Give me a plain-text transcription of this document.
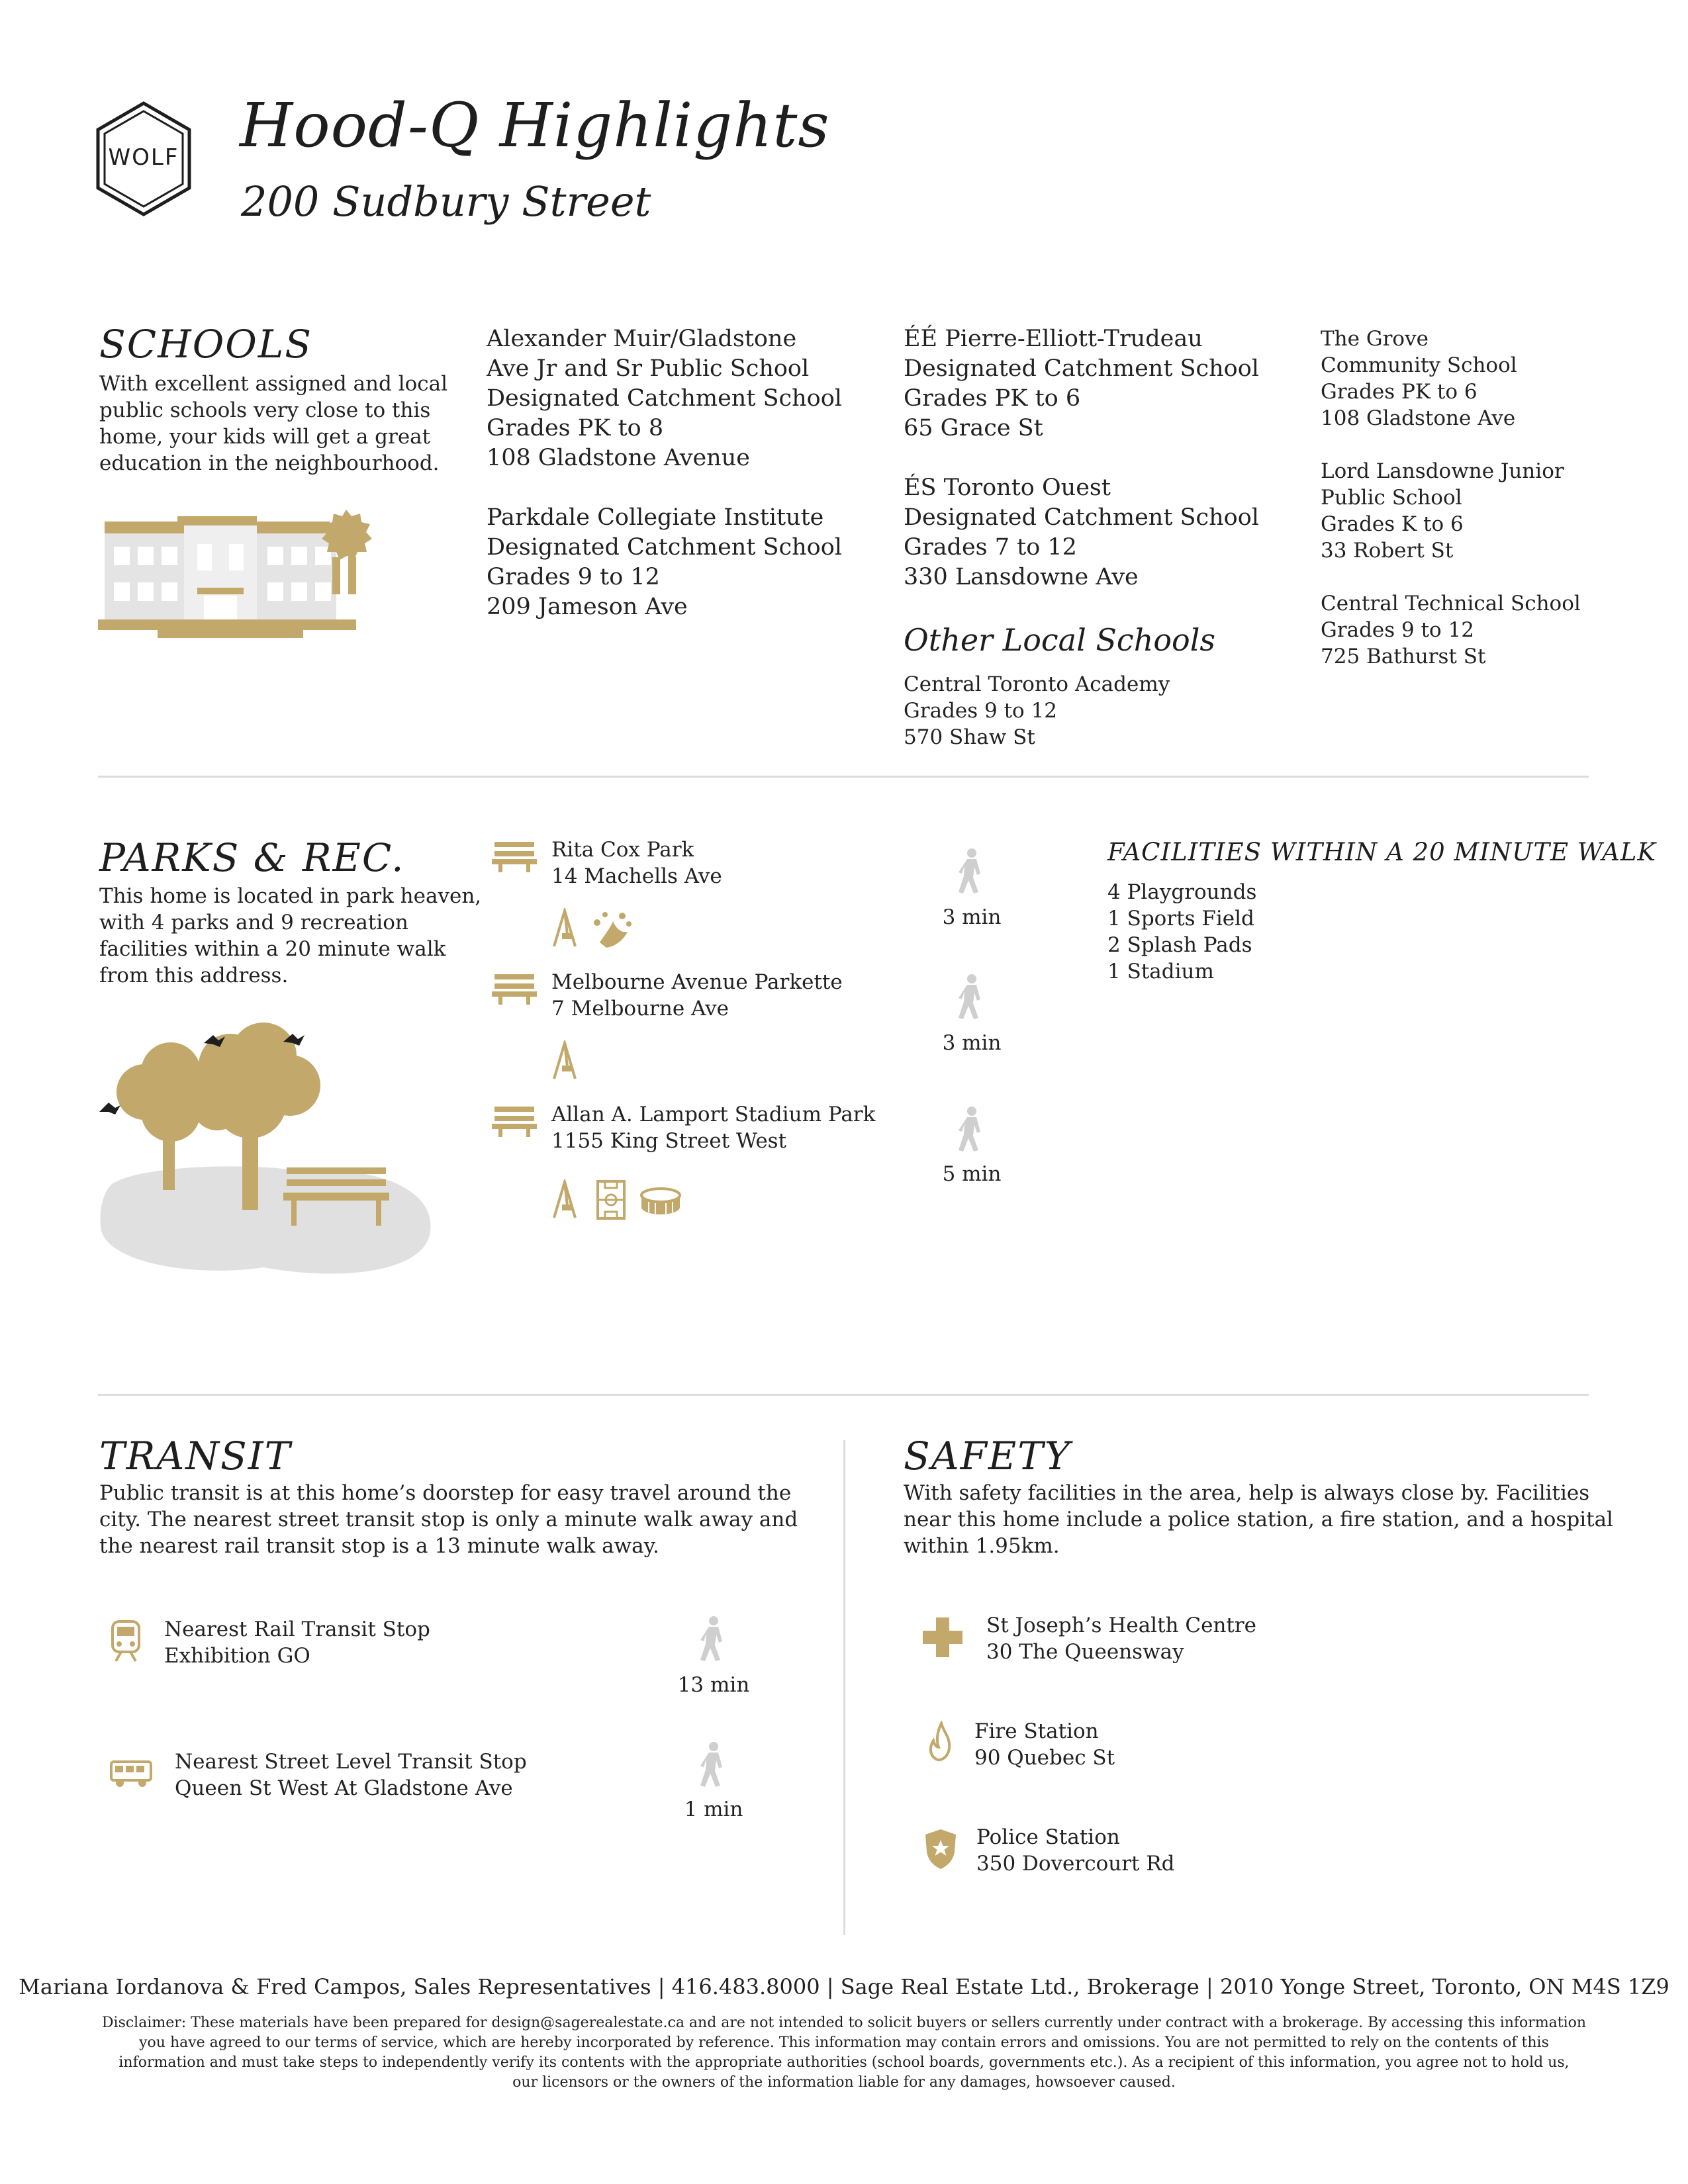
WOLF Hood-Q Highlights
200 Sudbury Street
SCHOOLS
With excellent assigned and local
public schools very close to this
home, your kids will get a great
education in the neighbourhood.
Alexander Muir/Gladstone
Ave Jr and Sr Public School
Designated Catchment School
Grades PK to 8
108 Gladstone Avenue
Parkdale Collegiate Institute
Designated Catchment School
Grades 9 to 12
209 Jameson Ave
ÉÉ Pierre-Elliott-Trudeau
Designated Catchment School
Grades PK to 6
65 Grace St
ÉS Toronto Ouest
Designated Catchment School
Grades 7 to 12
330 Lansdowne Ave
Other Local Schools
Central Toronto Academy
Grades 9 to 12
570 Shaw St
The Grove
Community School
Grades PK to 6
108 Gladstone Ave
Lord Lansdowne Junior
Public School
Grades K to 6
33 Robert St
Central Technical School
Grades 9 to 12
725 Bathurst St
PARKS & REC.
This home is located in park heaven,
with 4 parks and 9 recreation
facilities within a 20 minute walk
from this address.
Rita Cox Park
14 Machells Ave
3 min
Melbourne Avenue Parkette
7 Melbourne Ave
3 min
Allan A. Lamport Stadium Park
1155 King Street West
5 min
FACILITIES WITHIN A 20 MINUTE WALK
4 Playgrounds
1 Sports Field
2 Splash Pads
1 Stadium
TRANSIT
Public transit is at this home’s doorstep for easy travel around the
city. The nearest street transit stop is only a minute walk away and
the nearest rail transit stop is a 13 minute walk away.
Nearest Rail Transit Stop
Exhibition GO
13 min
Nearest Street Level Transit Stop
Queen St West At Gladstone Ave
1 min
SAFETY
With safety facilities in the area, help is always close by. Facilities
near this home include a police station, a fire station, and a hospital
within 1.95km.
St Joseph’s Health Centre
30 The Queensway
Fire Station
90 Quebec St
Police Station
350 Dovercourt Rd
Mariana Iordanova & Fred Campos, Sales Representatives | 416.483.8000 | Sage Real Estate Ltd., Brokerage | 2010 Yonge Street, Toronto, ON M4S 1Z9
Disclaimer: These materials have been prepared for design@sagerealestate.ca and are not intended to solicit buyers or sellers currently under contract with a brokerage. By accessing this information
you have agreed to our terms of service, which are hereby incorporated by reference. This information may contain errors and omissions. You are not permitted to rely on the contents of this
information and must take steps to independently verify its contents with the appropriate authorities (school boards, governments etc.). As a recipient of this information, you agree not to hold us,
our licensors or the owners of the information liable for any damages, howsoever caused.
